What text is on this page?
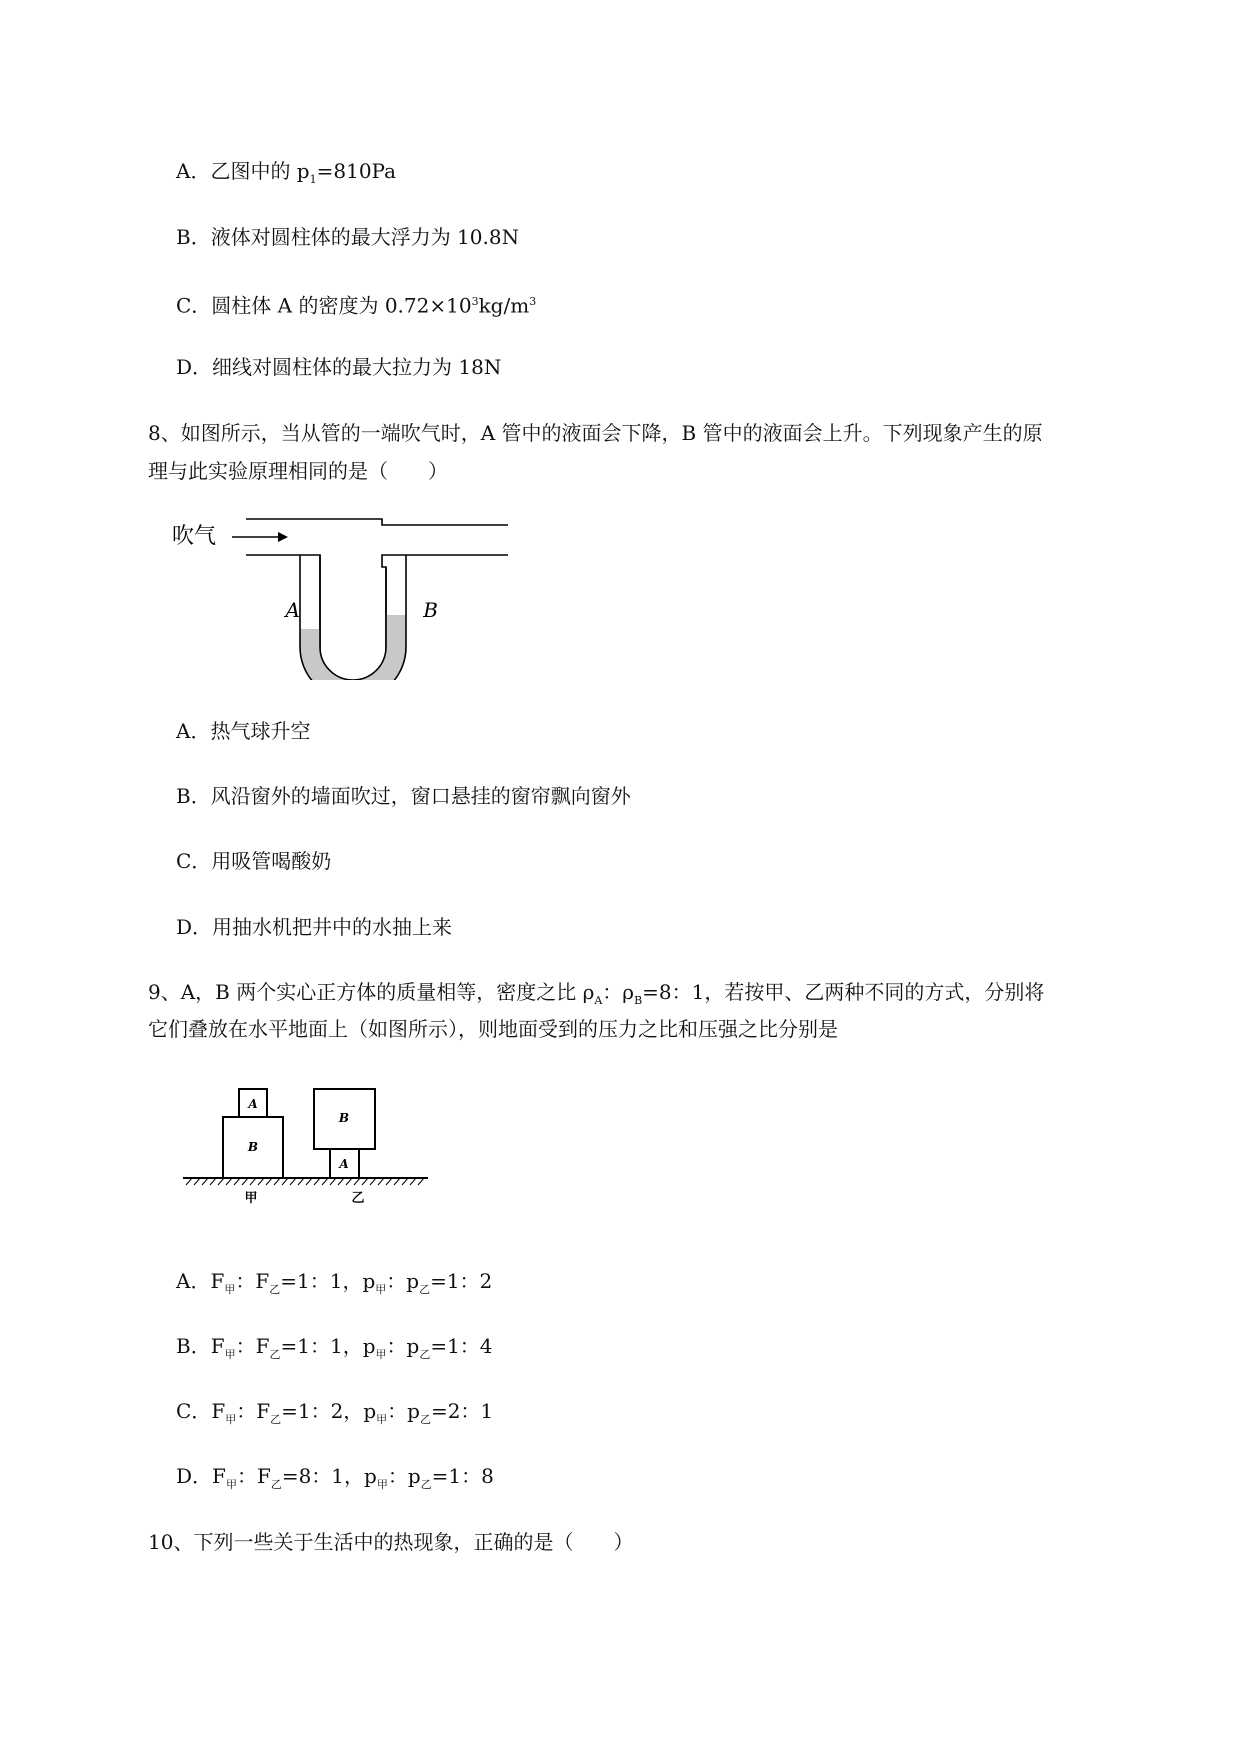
A．乙图中的 $p_1=810Pa$
B．液体对圆柱体的最大浮力为 10.8N
C．圆柱体 A 的密度为 $0.72\times 10^3kg/m^3$
D．细线对圆柱体的最大拉力为 18N
8、如图所示，当从管的一端吹气时，A 管中的液面会下降，B 管中的液面会上升。下列现象产生的原
理与此实验原理相同的是（　　）
吹气
A	B
A．热气球升空
B．风沿窗外的墙面吹过，窗口悬挂的窗帘飘向窗外
C．用吸管喝酸奶
D．用抽水机把井中的水抽上来
9、A，B 两个实心正方体的质量相等，密度之比 $\rho_A$：$\rho_B=8$：1，若按甲、乙两种不同的方式，分别将
它们叠放在水平地面上（如图所示），则地面受到的压力之比和压强之比分别是
A
B
A
B
甲	乙
A．$F_甲$：$F_乙=1$：1，$p_甲$：$p_乙=1$：2
B．$F_甲$：$F_乙=1$：1，$p_甲$：$p_乙=1$：4
C．$F_甲$：$F_乙=1$：2，$p_甲$：$p_乙=2$：1
D．$F_甲$：$F_乙=8$：1，$p_甲$：$p_乙=1$：8
10、下列一些关于生活中的热现象，正确的是（　　）
